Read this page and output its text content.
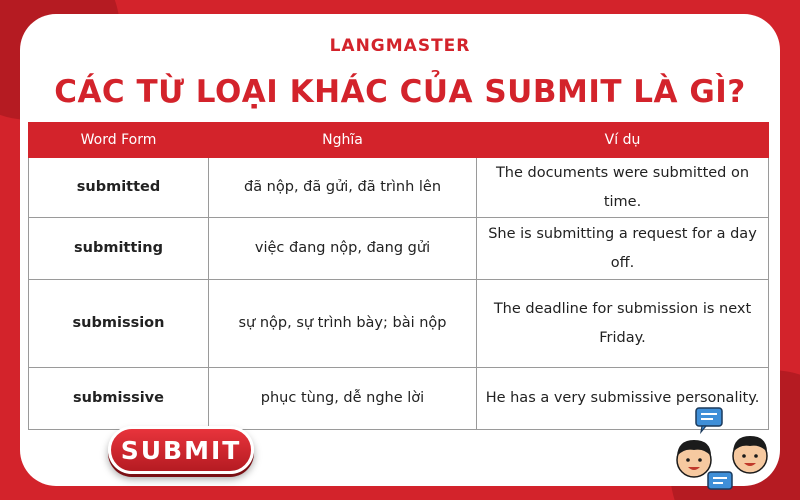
LANGMASTER
CÁC TỪ LOẠI KHÁC CỦA SUBMIT LÀ GÌ?
Word Form	Nghĩa	Ví dụ
submitted	đã nộp, đã gửi, đã trình lên	The documents were submitted on time.
submitting	việc đang nộp, đang gửi	She is submitting a request for a day off.
submission	sự nộp, sự trình bày; bài nộp	The deadline for submission is next Friday.
submissive	phục tùng, dễ nghe lời	He has a very submissive personality.
SUBMIT
